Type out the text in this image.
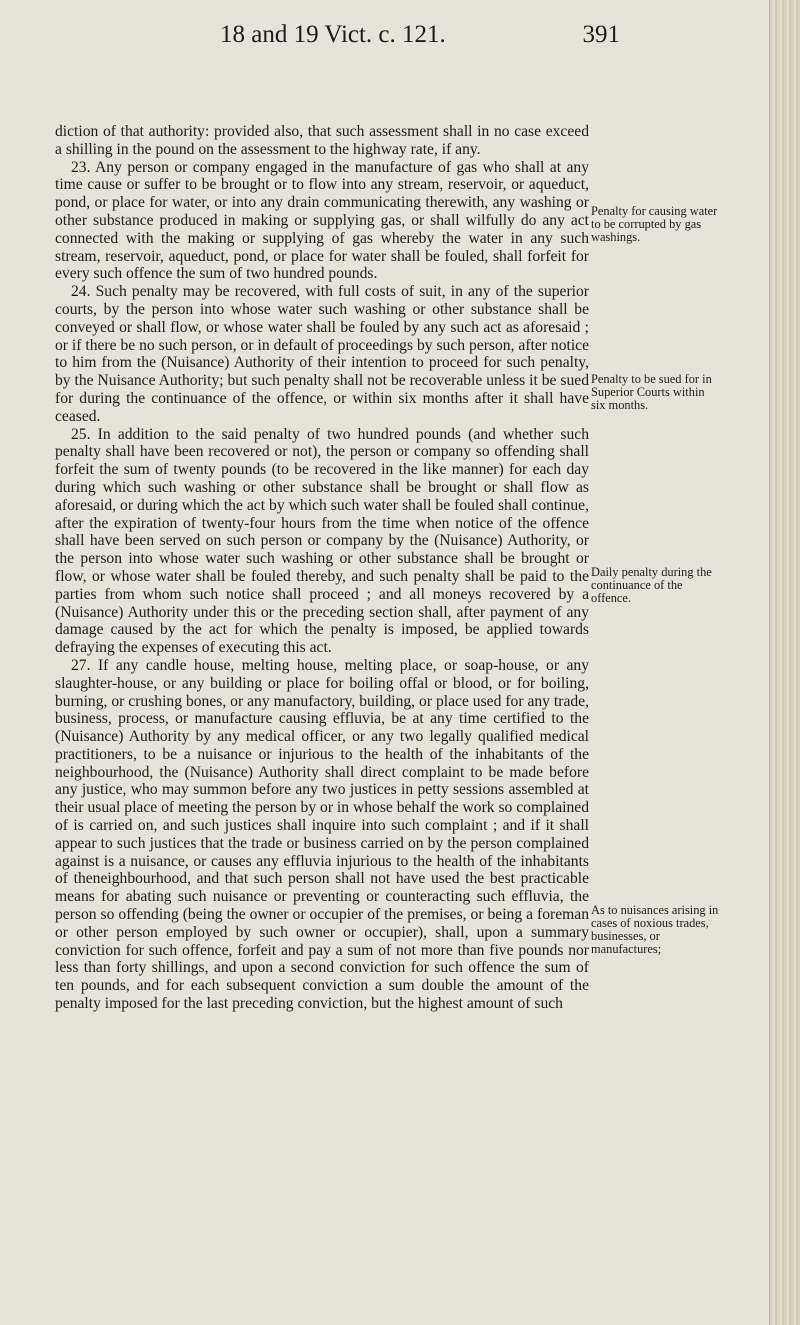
18 and 19 Vict. c. 121.	391

diction of that authority: provided also, that such assessment shall in no case exceed a shilling in the pound on the assessment to the highway rate, if any.

23. Any person or company engaged in the manufacture of gas who shall at any time cause or suffer to be brought or to flow into any stream, reservoir, or aqueduct, pond, or place for water, or into any drain communicating therewith, any washing or other substance produced in making or supplying gas, or shall wilfully do any act connected with the making or supplying of gas whereby the water in any such stream, reservoir, aqueduct, pond, or place for water shall be fouled, shall forfeit for every such offence the sum of two hundred pounds.

24. Such penalty may be recovered, with full costs of suit, in any of the superior courts, by the person into whose water such washing or other substance shall be conveyed or shall flow, or whose water shall be fouled by any such act as aforesaid ; or if there be no such person, or in default of proceedings by such person, after notice to him from the (Nuisance) Authority of their intention to proceed for such penalty, by the Nuisance Authority; but such penalty shall not be recoverable unless it be sued for during the continuance of the offence, or within six months after it shall have ceased.

25. In addition to the said penalty of two hundred pounds (and whether such penalty shall have been recovered or not), the person or company so offending shall forfeit the sum of twenty pounds (to be recovered in the like manner) for each day during which such washing or other substance shall be brought or shall flow as aforesaid, or during which the act by which such water shall be fouled shall continue, after the expiration of twenty-four hours from the time when notice of the offence shall have been served on such person or company by the (Nuisance) Authority, or the person into whose water such washing or other substance shall be brought or flow, or whose water shall be fouled thereby, and such penalty shall be paid to the parties from whom such notice shall proceed ; and all moneys recovered by a (Nuisance) Authority under this or the preceding section shall, after payment of any damage caused by the act for which the penalty is imposed, be applied towards defraying the expenses of executing this act.

27. If any candle house, melting house, melting place, or soap-house, or any slaughter-house, or any building or place for boiling offal or blood, or for boiling, burning, or crushing bones, or any manufactory, building, or place used for any trade, business, process, or manufacture causing effluvia, be at any time certified to the (Nuisance) Authority by any medical officer, or any two legally qualified medical practitioners, to be a nuisance or injurious to the health of the inhabitants of the neighbourhood, the (Nuisance) Authority shall direct complaint to be made before any justice, who may summon before any two justices in petty sessions assembled at their usual place of meeting the person by or in whose behalf the work so complained of is carried on, and such justices shall inquire into such complaint ; and if it shall appear to such justices that the trade or business carried on by the person complained against is a nuisance, or causes any effluvia injurious to the health of the inhabitants of theneighbourhood, and that such person shall not have used the best practicable means for abating such nuisance or preventing or counteracting such effluvia, the person so offending (being the owner or occupier of the premises, or being a foreman or other person employed by such owner or occupier), shall, upon a summary conviction for such offence, forfeit and pay a sum of not more than five pounds nor less than forty shillings, and upon a second conviction for such offence the sum of ten pounds, and for each subsequent conviction a sum double the amount of the penalty imposed for the last preceding conviction, but the highest amount of such

Penalty for causing water to be corrupted by gas washings.
Penalty to be sued for in Superior Courts within six months.
Daily penalty during the continuance of the offence.
As to nuisances arising in cases of noxious trades, businesses, or manufactures;
